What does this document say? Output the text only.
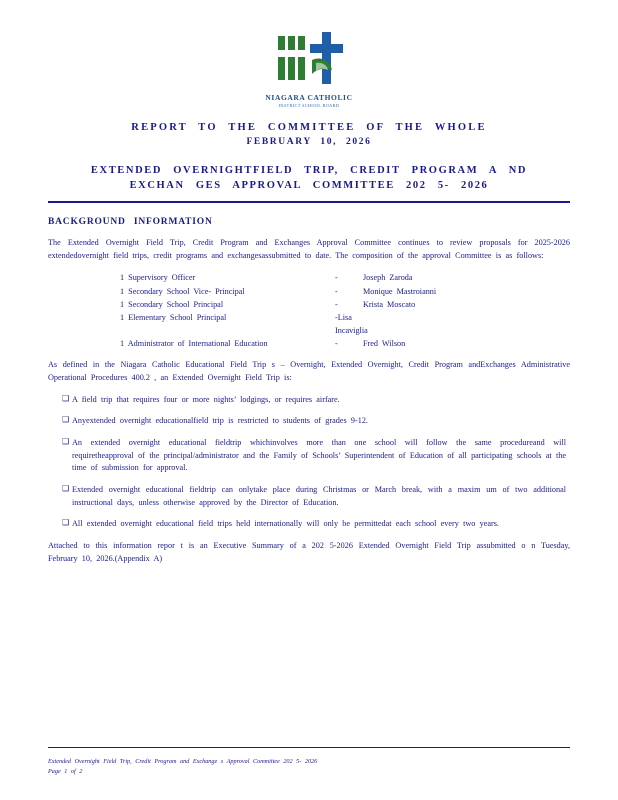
NIAGARA CATHOLIC
DISTRICT SCHOOL BOARD
REPORT TO THE COMMITTEE OF THE WHOLE
FEBRUARY 10, 2026
EXTENDED OVERNIGHTFIELD TRIP, CREDIT PROGRAM A ND
EXCHAN GES APPROVAL COMMITTEE 202 5- 2026
BACKGROUND INFORMATION

The Extended Overnight Field Trip, Credit Program and Exchanges Approval Committee continues to review proposals for 2025-2026 extendedovernight field trips, credit programs and exchangesassubmitted to date. The composition of the approval Committee is as follows:

1 Supervisory Officer	-	Joseph Zaroda
1 Secondary School Vice- Principal	-	Monique Mastroianni
1 Secondary School Principal	-	Krista Moscato
1 Elementary School Principal	-Lisa Incaviglia
1 Administrator of International Education	-	Fred Wilson

As defined in the Niagara Catholic Educational Field Trip s – Overnight, Extended Overnight, Credit Program andExchanges Administrative Operational Procedures 400.2 , an Extended Overnight Field Trip is:

❑ A field trip that requires four or more nights’ lodgings, or requires airfare.
❑ Anyextended overnight educationalfield trip is restricted to students of grades 9-12.
❑ An extended overnight educational fieldtrip whichinvolves more than one school will follow the same procedureand will requiretheapproval of the principal/administrator and the Family of Schools’ Superintendent of Education of all participating schools at the time of submission for approval.
❑ Extended overnight educational fieldtrip can onlytake place during Christmas or March break, with a maxim um of two additional instructional days, unless otherwise approved by the Director of Education.
❑ All extended overnight educational field trips held internationally will only be permittedat each school every two years.

Attached to this information repor t is an Executive Summary of a 202 5-2026 Extended Overnight Field Trip assubmitted o n Tuesday, February 10, 2026.(Appendix A)

Extended Overnight Field Trip, Credit Program and Exchange s Approval Committee 202 5- 2026
Page 1 of 2
